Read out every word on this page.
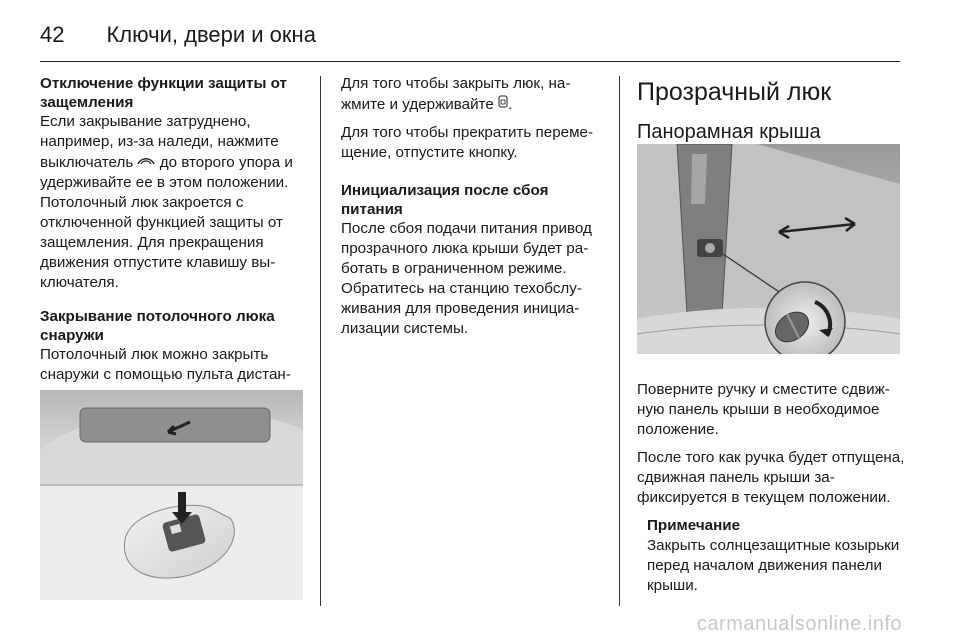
42 Ключи, двери и окна
Отключение функции защиты от защемления

Если закрывание затруднено, например, из-за наледи, нажмите выключатель до второго упора и удерживайте ее в этом положении. Потолочный люк закроется с отключенной функцией защиты от защемления. Для прекращения движения отпустите клавишу выключателя.

Закрывание потолочного люка снаружи

Потолочный люк можно закрыть снаружи с помощью пульта дистан

Для того чтобы закрыть люк, нажмите и удерживайте .

Для того чтобы прекратить перемещение, отпустите кнопку.

Инициализация после сбоя питания

После сбоя подачи питания привод прозрачного люка крыши будет работать в ограниченном режиме. Обратитесь на станцию техобслуживания для проведения инициализации системы.

Прозрачный люк
Панорамная крыша

Поверните ручку и сместите сдвижную панель крыши в необходимое положение.

После того как ручка будет отпущена, сдвижная панель крыши зафиксируется в текущем положении.

Примечание
Закрыть солнцезащитные козырьки перед началом движения панели крыши.
carmanualsonline.info
